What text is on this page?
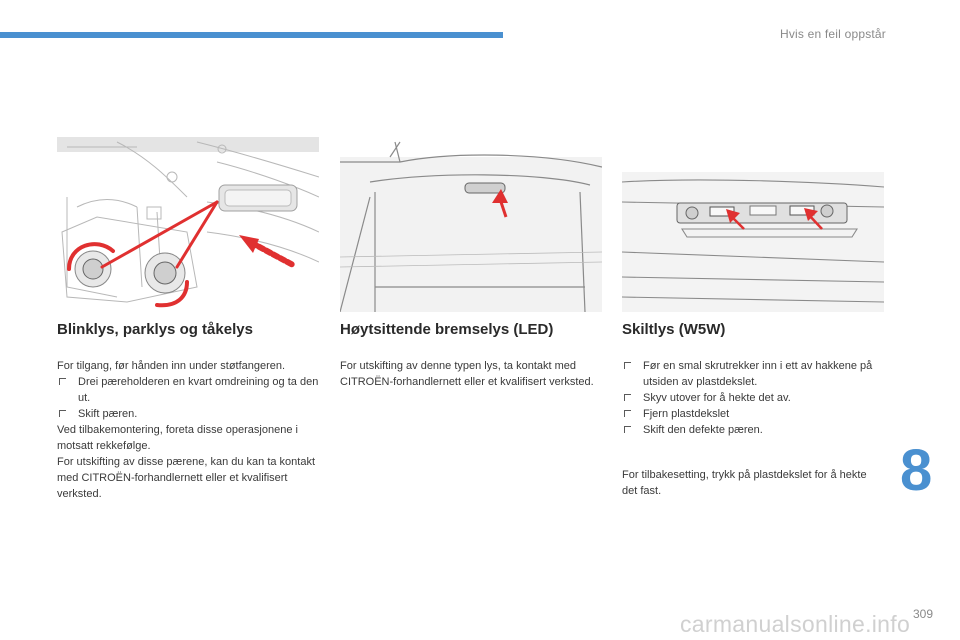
Hvis en feil oppstår
Blinklys, parklys og tåkelys

For tilgang, før hånden inn under støtfangeren.

Drei pæreholderen en kvart omdreining og ta den ut.
Skift pæren.

Ved tilbakemontering, foreta disse operasjonene i motsatt rekkefølge.

For utskifting av disse pærene, kan du kan ta kontakt med CITROËN-forhandlernett eller et kvalifisert verksted.

Høytsittende bremselys (LED)

For utskifting av denne typen lys, ta kontakt med CITROËN-forhandlernett eller et kvalifisert verksted.

Skiltlys (W5W)
Før en smal skrutrekker inn i ett av hakkene på utsiden av plastdekslet.
Skyv utover for å hekte det av.
Fjern plastdekslet
Skift den defekte pæren.

For tilbakesetting, trykk på plastdekslet for å hekte det fast.	8
carmanualsonline.info 309
